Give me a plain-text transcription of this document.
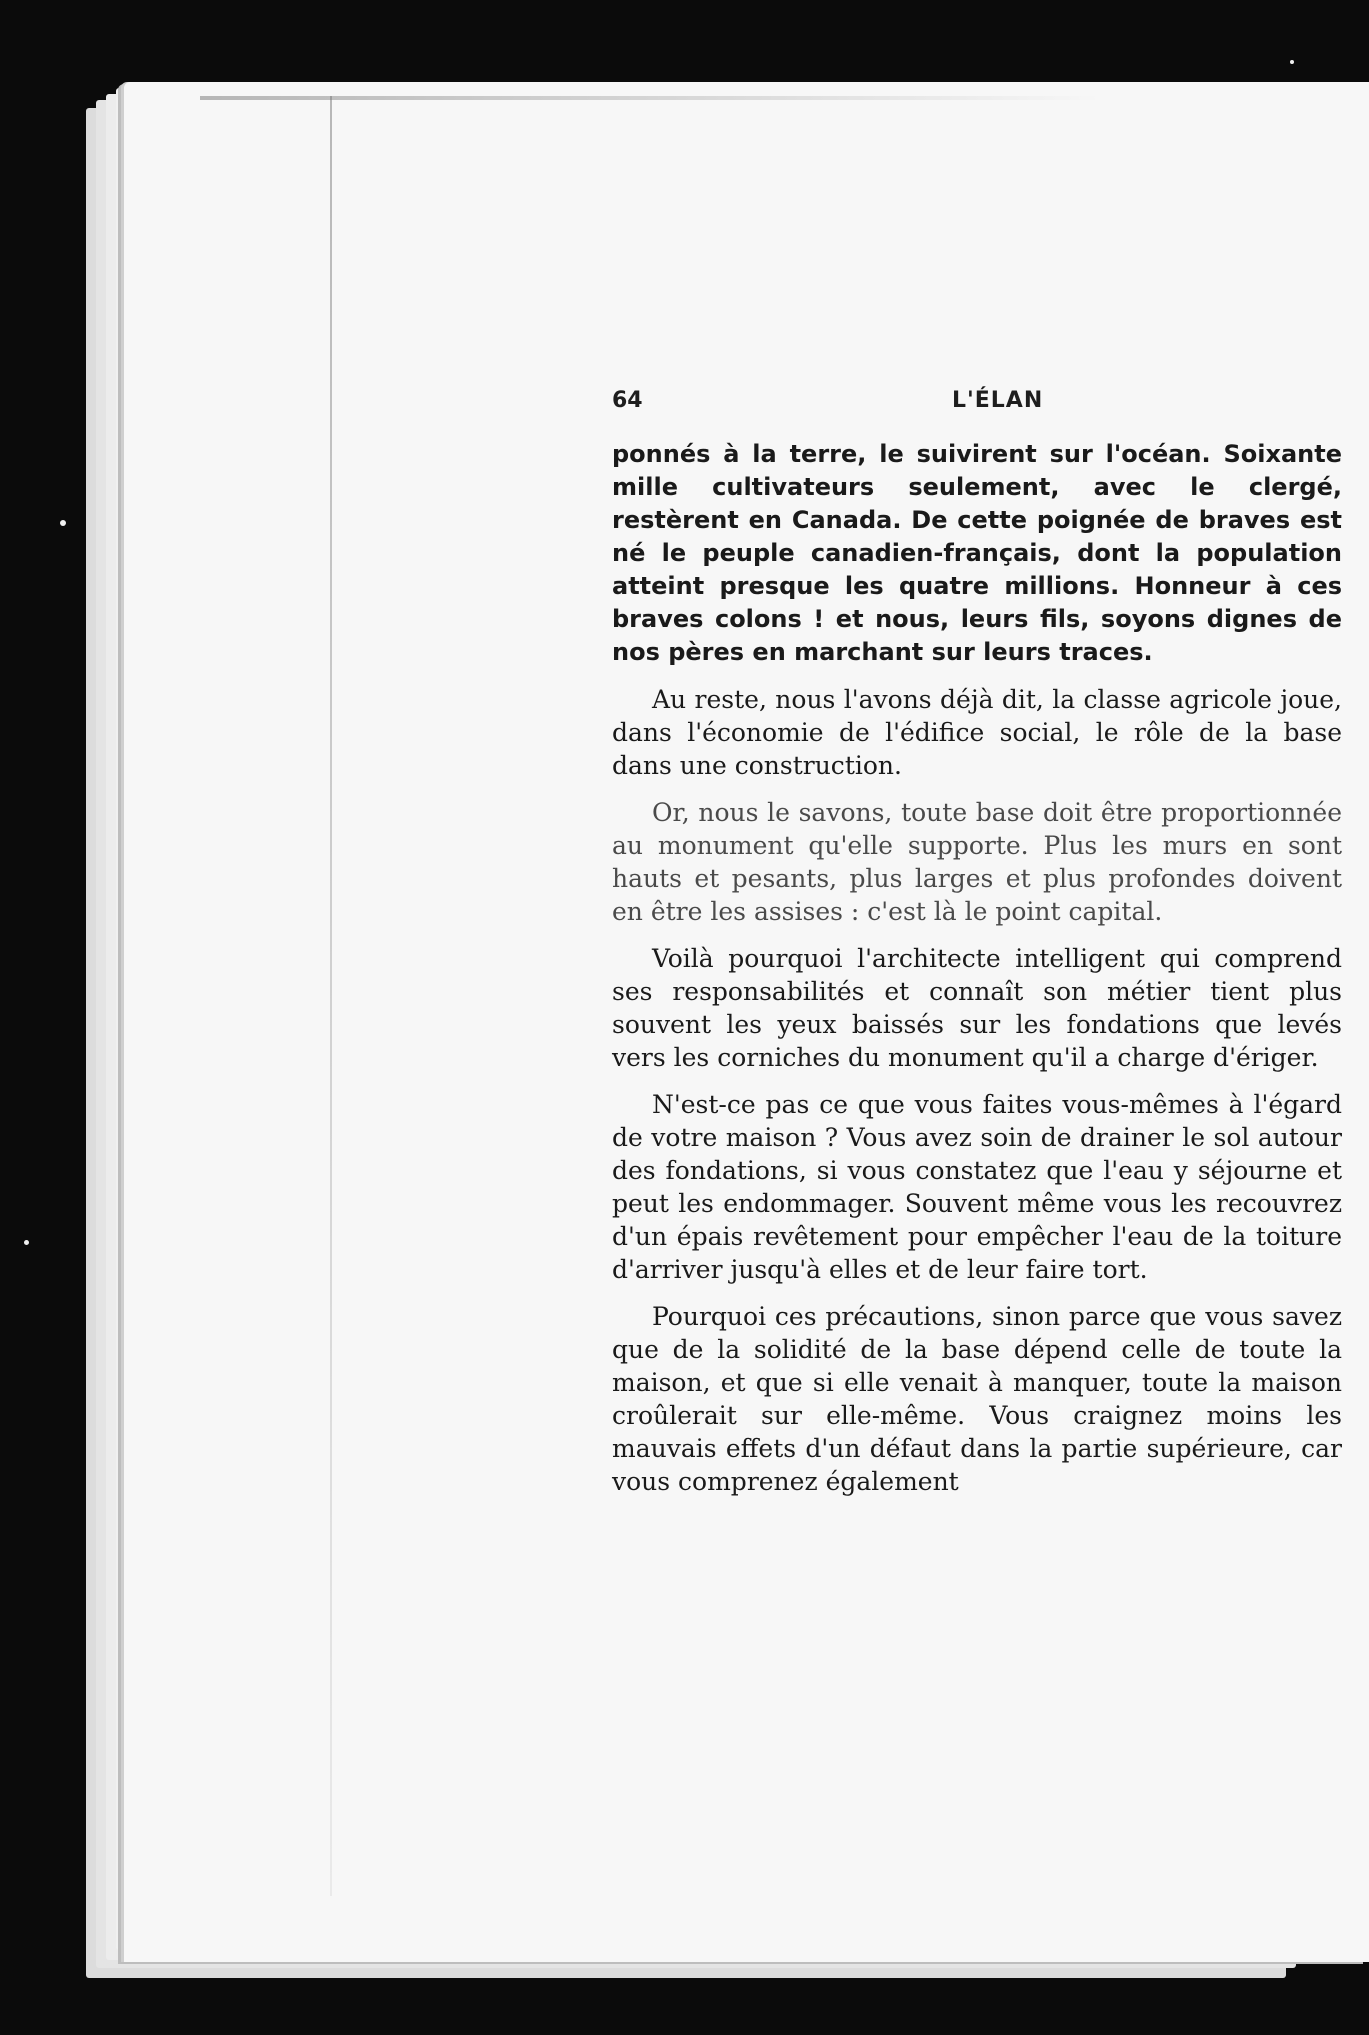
64	L'ÉLAN

ponnés à la terre, le suivirent sur l'océan. Soixante mille cultivateurs seulement, avec le clergé, restèrent en Canada. De cette poignée de braves est né le peuple canadien-français, dont la population atteint presque les quatre millions. Honneur à ces braves colons ! et nous, leurs fils, soyons dignes de nos pères en marchant sur leurs traces.

Au reste, nous l'avons déjà dit, la classe agricole joue, dans l'économie de l'édifice social, le rôle de la base dans une construction.

Or, nous le savons, toute base doit être proportionnée au monument qu'elle supporte. Plus les murs en sont hauts et pesants, plus larges et plus profondes doivent en être les assises : c'est là le point capital.

Voilà pourquoi l'architecte intelligent qui comprend ses responsabilités et connaît son métier tient plus souvent les yeux baissés sur les fondations que levés vers les corniches du monument qu'il a charge d'ériger.

N'est-ce pas ce que vous faites vous-mêmes à l'égard de votre maison ? Vous avez soin de drainer le sol autour des fondations, si vous constatez que l'eau y séjourne et peut les endommager. Souvent même vous les recouvrez d'un épais revêtement pour empêcher l'eau de la toiture d'arriver jusqu'à elles et de leur faire tort.

Pourquoi ces précautions, sinon parce que vous savez que de la solidité de la base dépend celle de toute la maison, et que si elle venait à manquer, toute la maison croûlerait sur elle-même. Vous craignez moins les mauvais effets d'un défaut dans la partie supérieure, car vous comprenez également
